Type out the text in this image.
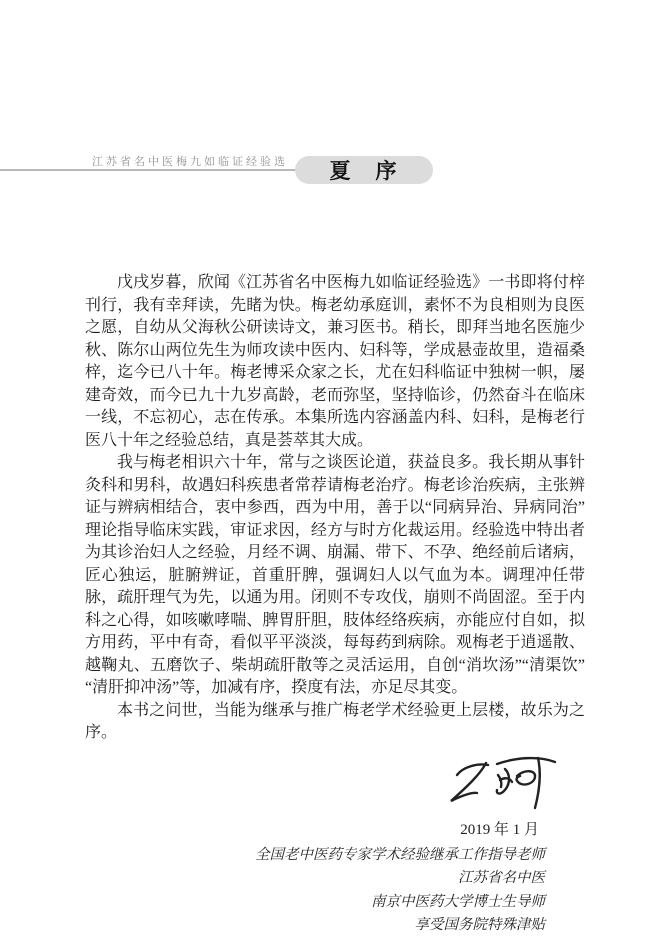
江苏省名中医梅九如临证经验选 夏　序

戊戌岁暮，欣闻《江苏省名中医梅九如临证经验选》一书即将付梓刊行，我有幸拜读，先睹为快。梅老幼承庭训，素怀不为良相则为良医之愿，自幼从父海秋公研读诗文，兼习医书。稍长，即拜当地名医施少秋、陈尔山两位先生为师攻读中医内、妇科等，学成悬壶故里，造福桑梓，迄今已八十年。梅老博采众家之长，尤在妇科临证中独树一帜，屡建奇效，而今已九十九岁高龄，老而弥坚，坚持临诊，仍然奋斗在临床一线，不忘初心，志在传承。本集所选内容涵盖内科、妇科，是梅老行医八十年之经验总结，真是荟萃其大成。

我与梅老相识六十年，常与之谈医论道，获益良多。我长期从事针灸科和男科，故遇妇科疾患者常荐请梅老治疗。梅老诊治疾病，主张辨证与辨病相结合，衷中参西，西为中用，善于以“同病异治、异病同治”理论指导临床实践，审证求因，经方与时方化裁运用。经验选中特出者为其诊治妇人之经验，月经不调、崩漏、带下、不孕、绝经前后诸病，匠心独运，脏腑辨证，首重肝脾，强调妇人以气血为本。调理冲任带脉，疏肝理气为先，以通为用。闭则不专攻伐，崩则不尚固涩。至于内科之心得，如咳嗽哮喘、脾胃肝胆，肢体经络疾病，亦能应付自如，拟方用药，平中有奇，看似平平淡淡，每每药到病除。观梅老于逍遥散、越鞠丸、五磨饮子、柴胡疏肝散等之灵活运用，自创“消坎汤”“清渠饮”“清肝抑冲汤”等，加减有序，揆度有法，亦足尽其变。

本书之问世，当能为继承与推广梅老学术经验更上层楼，故乐为之序。

2019 年 1 月
全国老中医药专家学术经验继承工作指导老师
江苏省名中医
南京中医药大学博士生导师
享受国务院特殊津贴
